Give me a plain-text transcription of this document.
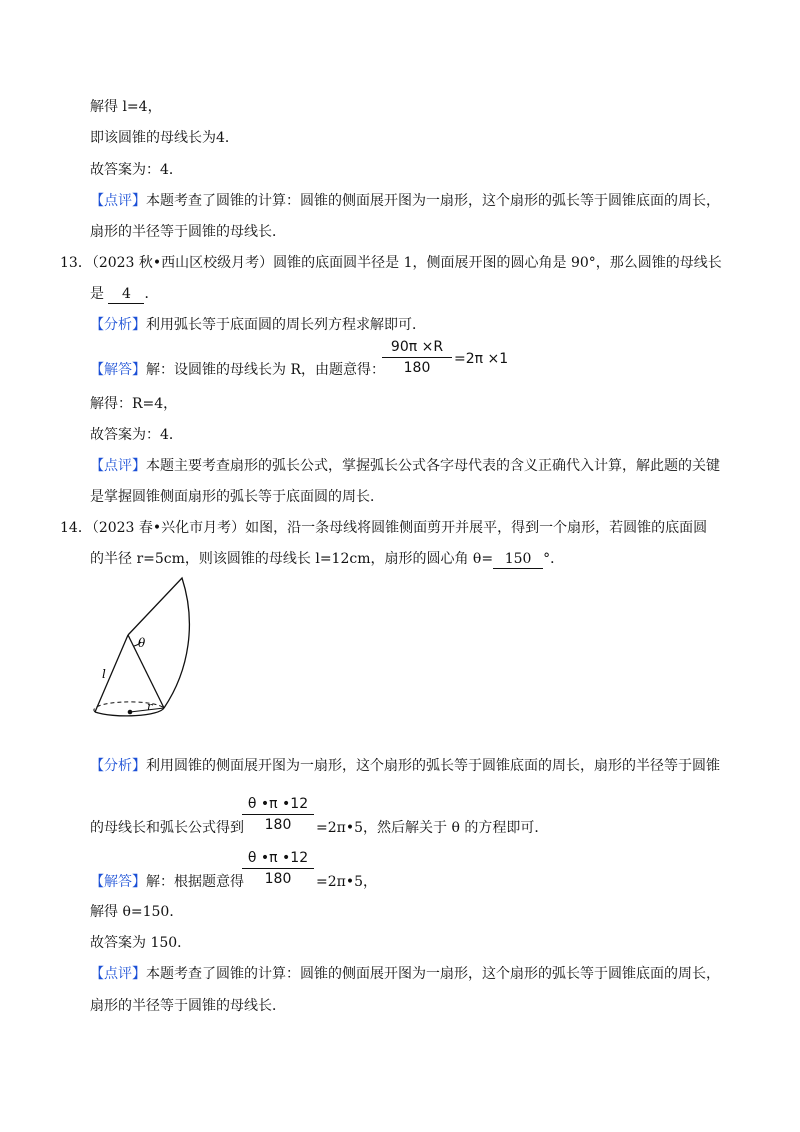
解得 l=4，
即该圆锥的母线长为4．
故答案为：4．
【点评】本题考查了圆锥的计算：圆锥的侧面展开图为一扇形，这个扇形的弧长等于圆锥底面的周长，
扇形的半径等于圆锥的母线长．
13．（2023 秋•西山区校级月考）圆锥的底面圆半径是 1，侧面展开图的圆心角是 90°，那么圆锥的母线长
是 4 ．
【分析】利用弧长等于底面圆的周长列方程求解即可．
【解答】解：设圆锥的母线长为 R，由题意得：
90π ×R
180
=2π ×1
解得：R=4，
故答案为：4．
【点评】本题主要考查扇形的弧长公式，掌握弧长公式各字母代表的含义正确代入计算，解此题的关键
是掌握圆锥侧面扇形的弧长等于底面圆的周长．
14．（2023 春•兴化市月考）如图，沿一条母线将圆锥侧面剪开并展平，得到一个扇形，若圆锥的底面圆
的半径 r=5cm，则该圆锥的母线长 l=12cm，扇形的圆心角 θ= 150 °．
θ
l
r
【分析】利用圆锥的侧面展开图为一扇形，这个扇形的弧长等于圆锥底面的周长，扇形的半径等于圆锥
的母线长和弧长公式得到
θ •π •12
180	=2π•5，然后解关于 θ 的方程即可．
【解答】解：根据题意得
θ •π •12
180	=2π•5，
解得 θ=150．
故答案为 150．
【点评】本题考查了圆锥的计算：圆锥的侧面展开图为一扇形，这个扇形的弧长等于圆锥底面的周长，
扇形的半径等于圆锥的母线长．
